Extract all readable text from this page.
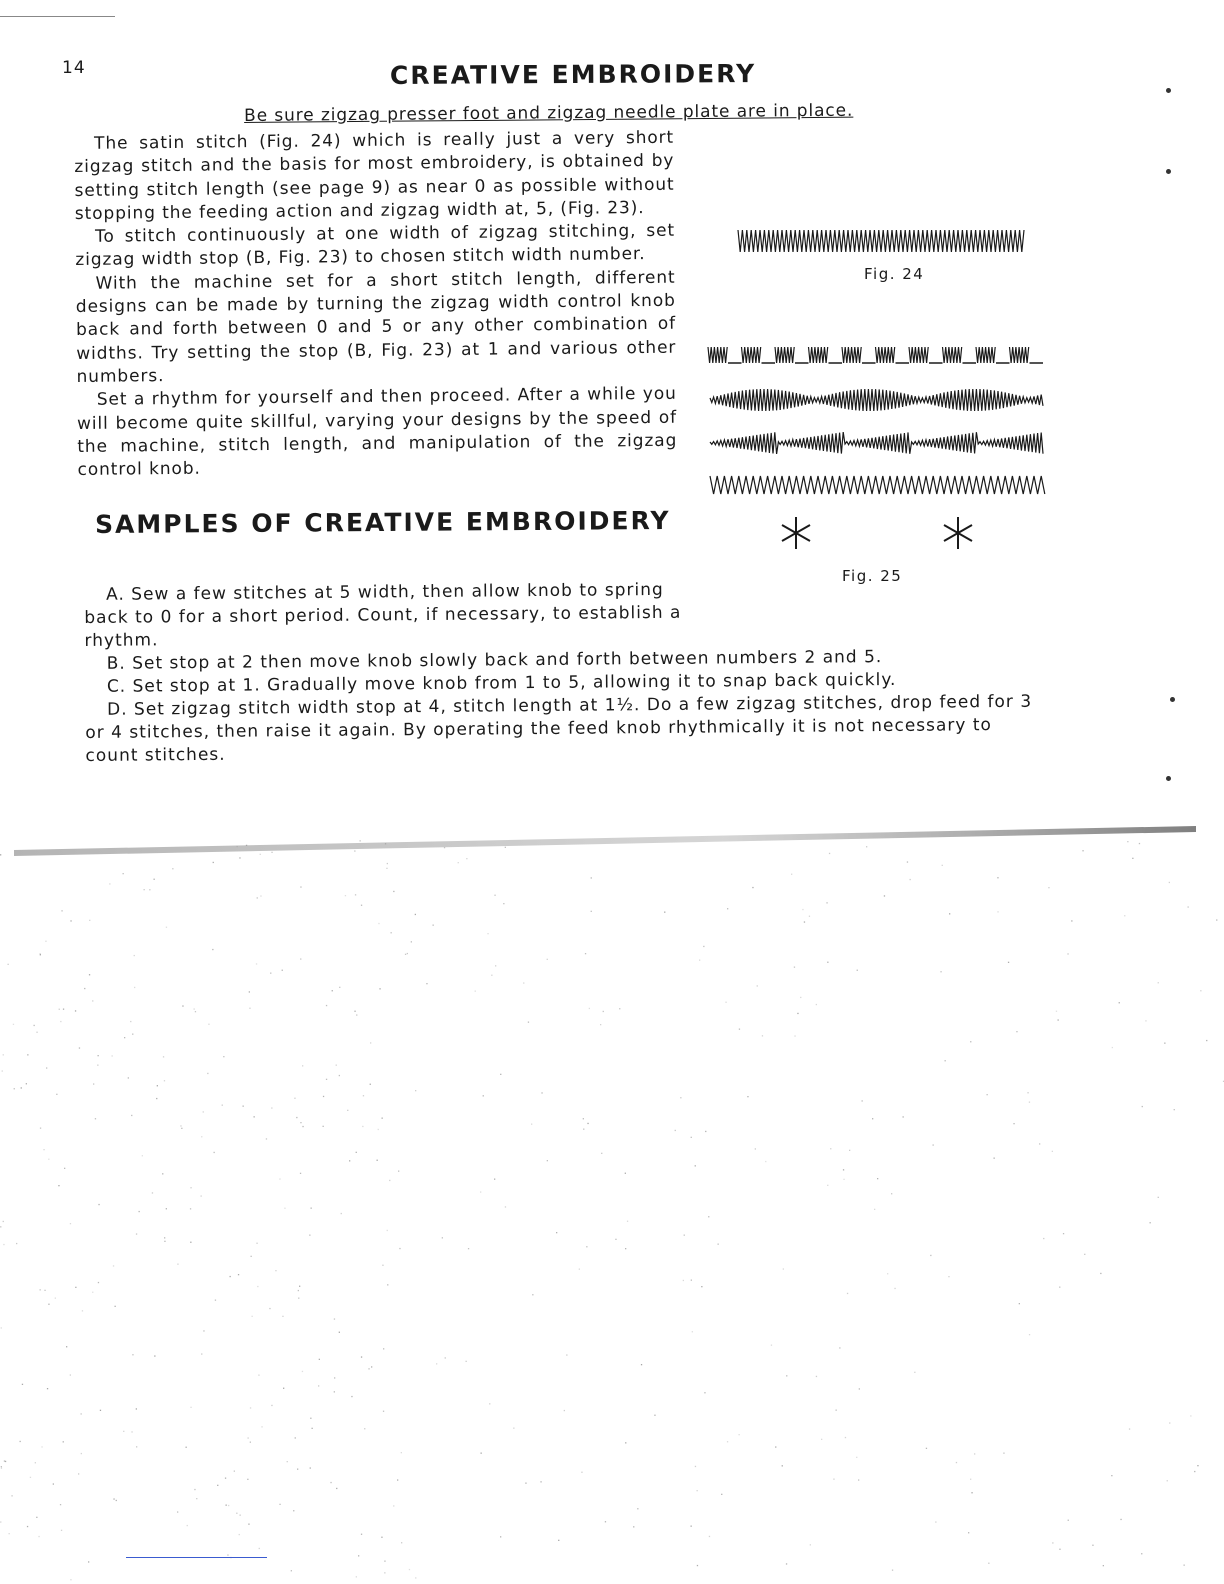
14	CREATIVE EMBROIDERY
Be sure zigzag presser foot and zigzag needle plate are in place.

The satin stitch (Fig. 24) which is really just a very short zigzag stitch and the basis for most embroidery, is obtained by setting stitch length (see page 9) as near 0 as possible without stopping the feeding action and zigzag width at, 5, (Fig. 23).

To stitch continuously at one width of zigzag stitching, set zigzag width stop (B, Fig. 23) to chosen stitch width number.

With the machine set for a short stitch length, different designs can be made by turning the zigzag width control knob back and forth between 0 and 5 or any other combination of widths. Try setting the stop (B, Fig. 23) at 1 and various other numbers.

Set a rhythm for yourself and then proceed. After a while you will become quite skillful, varying your designs by the speed of the machine, stitch length, and manipulation of the zigzag control knob.

SAMPLES OF CREATIVE EMBROIDERY

A. Sew a few stitches at 5 width, then allow knob to spring back to 0 for a short period. Count, if necessary, to establish a rhythm.

B. Set stop at 2 then move knob slowly back and forth between numbers 2 and 5.

C. Set stop at 1. Gradually move knob from 1 to 5, allowing it to snap back quickly.

D. Set zigzag stitch width stop at 4, stitch length at 1½. Do a few zigzag stitches, drop feed for 3 or 4 stitches, then raise it again. By operating the feed knob rhythmically it is not necessary to count stitches.

Fig. 24
Fig. 25
